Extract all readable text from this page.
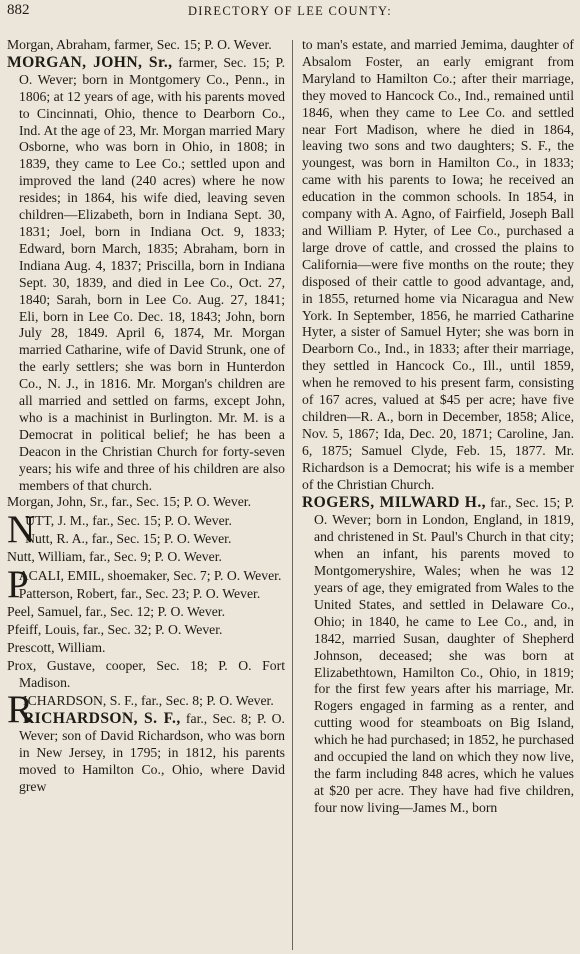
882	DIRECTORY OF LEE COUNTY:

Morgan, Abraham, farmer, Sec. 15; P. O. Wever.

MORGAN, JOHN, Sr., farmer, Sec. 15; P. O. Wever; born in Montgomery Co., Penn., in 1806; at 12 years of age, with his parents moved to Cincinnati, Ohio, thence to Dearborn Co., Ind. At the age of 23, Mr. Morgan married Mary Osborne, who was born in Ohio, in 1808; in 1839, they came to Lee Co.; settled upon and improved the land (240 acres) where he now resides; in 1864, his wife died, leaving seven children—Elizabeth, born in Indiana Sept. 30, 1831; Joel, born in Indiana Oct. 9, 1833; Edward, born March, 1835; Abraham, born in Indiana Aug. 4, 1837; Priscilla, born in Indiana Sept. 30, 1839, and died in Lee Co., Oct. 27, 1840; Sarah, born in Lee Co. Aug. 27, 1841; Eli, born in Lee Co. Dec. 18, 1843; John, born July 28, 1849. April 6, 1874, Mr. Morgan married Catharine, wife of David Strunk, one of the early settlers; she was born in Hunterdon Co., N. J., in 1816. Mr. Morgan's children are all married and settled on farms, except John, who is a machinist in Burlington. Mr. M. is a Democrat in political belief; he has been a Deacon in the Christian Church for forty-seven years; his wife and three of his children are also members of that church.

Morgan, John, Sr., far., Sec. 15; P. O. Wever.

N
UTT, J. M., far., Sec. 15; P. O. Wever.

Nutt, R. A., far., Sec. 15; P. O. Wever.

Nutt, William, far., Sec. 9; P. O. Wever.

P
ACALI, EMIL, shoemaker, Sec. 7; P. O. Wever.

Patterson, Robert, far., Sec. 23; P. O. Wever.

Peel, Samuel, far., Sec. 12; P. O. Wever.

Pfeiff, Louis, far., Sec. 32; P. O. Wever.

Prescott, William.

Prox, Gustave, cooper, Sec. 18; P. O. Fort Madison.

R
ICHARDSON, S. F., far., Sec. 8; P. O. Wever.

RICHARDSON, S. F., far., Sec. 8; P. O. Wever; son of David Richardson, who was born in New Jersey, in 1795; in 1812, his parents moved to Hamilton Co., Ohio, where David grew

to man's estate, and married Jemima, daughter of Absalom Foster, an early emigrant from Maryland to Hamilton Co.; after their marriage, they moved to Hancock Co., Ind., remained until 1846, when they came to Lee Co. and settled near Fort Madison, where he died in 1864, leaving two sons and two daughters; S. F., the youngest, was born in Hamilton Co., in 1833; came with his parents to Iowa; he received an education in the common schools. In 1854, in company with A. Agno, of Fairfield, Joseph Ball and William P. Hyter, of Lee Co., purchased a large drove of cattle, and crossed the plains to California—were five months on the route; they disposed of their cattle to good advantage, and, in 1855, returned home via Nicaragua and New York. In September, 1856, he married Catharine Hyter, a sister of Samuel Hyter; she was born in Dearborn Co., Ind., in 1833; after their marriage, they settled in Hancock Co., Ill., until 1859, when he removed to his present farm, consisting of 167 acres, valued at $45 per acre; have five children—R. A., born in December, 1858; Alice, Nov. 5, 1867; Ida, Dec. 20, 1871; Caroline, Jan. 6, 1875; Samuel Clyde, Feb. 15, 1877. Mr. Richardson is a Democrat; his wife is a member of the Christian Church.

ROGERS, MILWARD H., far., Sec. 15; P. O. Wever; born in London, England, in 1819, and christened in St. Paul's Church in that city; when an infant, his parents moved to Montgomeryshire, Wales; when he was 12 years of age, they emigrated from Wales to the United States, and settled in Delaware Co., Ohio; in 1840, he came to Lee Co., and, in 1842, married Susan, daughter of Shepherd Johnson, deceased; she was born at Elizabethtown, Hamilton Co., Ohio, in 1819; for the first few years after his marriage, Mr. Rogers engaged in farming as a renter, and cutting wood for steamboats on Big Island, which he had purchased; in 1852, he purchased and occupied the land on which they now live, the farm including 848 acres, which he values at $20 per acre. They have had five children, four now living—James M., born
